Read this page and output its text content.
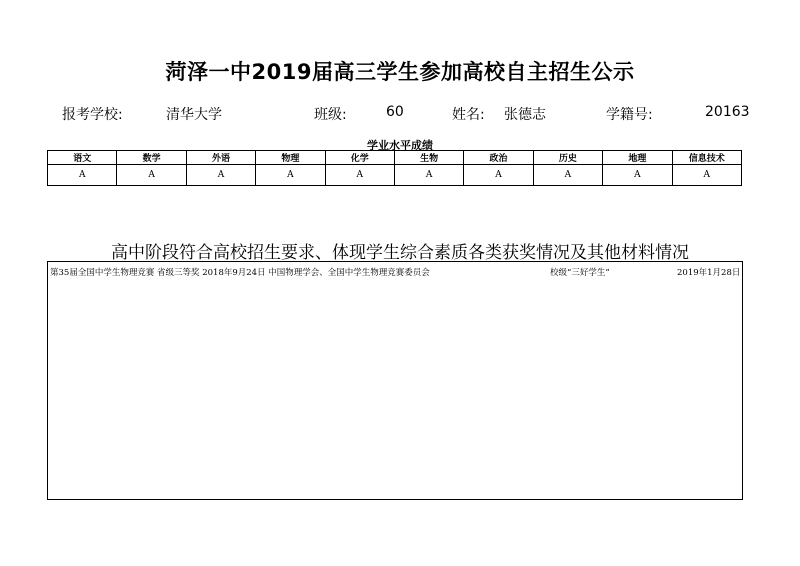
菏泽一中2019届高三学生参加高校自主招生公示
报考学校:	清华大学	班级:	60	姓名: 张德志	学籍号:	20163
学业水平成绩
语文	数学	外语	物理	化学	生物	政治	历史	地理	信息技术
A	A	A	A	A	A	A	A	A	A
高中阶段符合高校招生要求、体现学生综合素质各类获奖情况及其他材料情况
第35届全国中学生物理竞赛 省级三等奖 2018年9月24日 中国物理学会、全国中学生物理竞赛委员会	校级“三好学生”	2019年1月28日
